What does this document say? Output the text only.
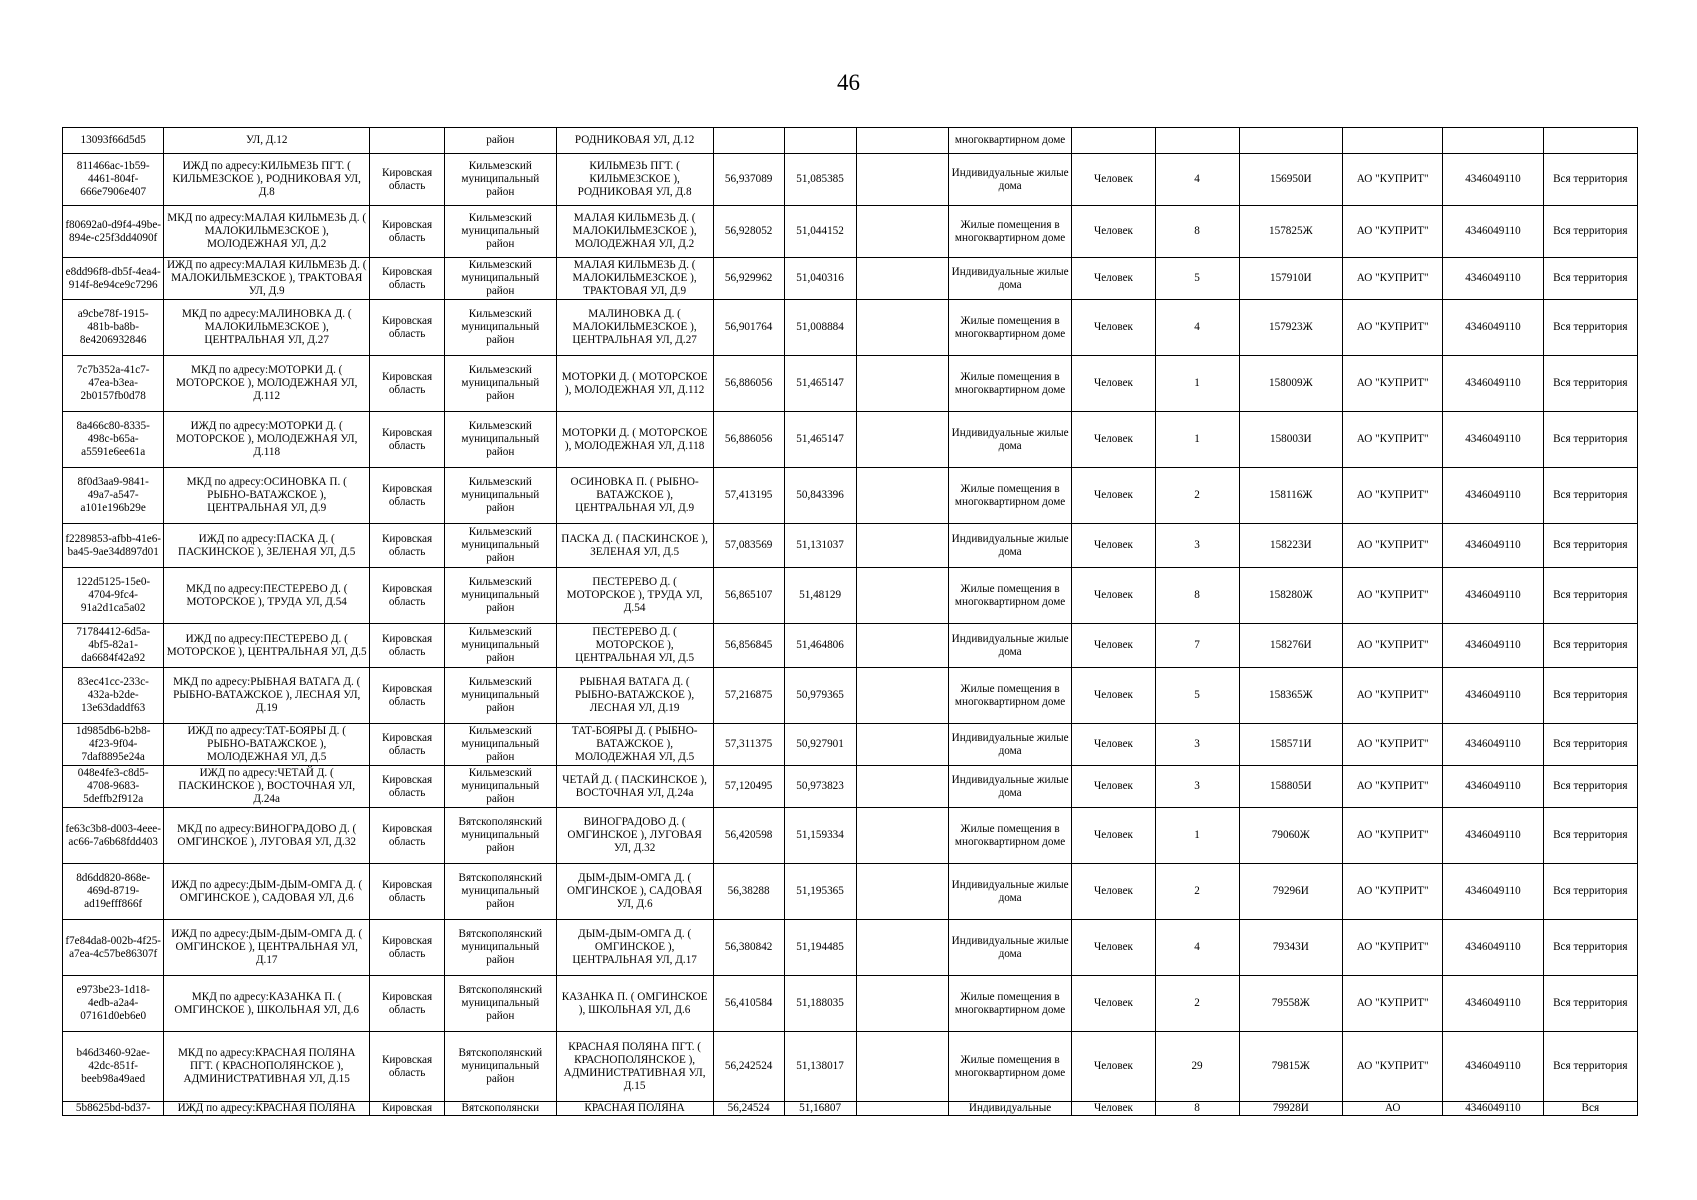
46
13093f66d5d5	УЛ, Д.12		район	РОДНИКОВАЯ УЛ, Д.12				многоквартирном доме						
811466ac-1b59-4461-804f-666e7906e407	ИЖД по адресу:КИЛЬМЕЗЬ ПГТ. ( КИЛЬМЕЗСКОЕ ), РОДНИКОВАЯ УЛ, Д.8	Кировская область	Кильмезский муниципальный район	КИЛЬМЕЗЬ ПГТ. ( КИЛЬМЕЗСКОЕ ), РОДНИКОВАЯ УЛ, Д.8	56,937089	51,085385		Индивидуальные жилые дома	Человек	4	156950И	АО "КУПРИТ"	4346049110	Вся территория
f80692a0-d9f4-49be-894e-c25f3dd4090f	МКД по адресу:МАЛАЯ КИЛЬМЕЗЬ Д. ( МАЛОКИЛЬМЕЗСКОЕ ), МОЛОДЕЖНАЯ УЛ, Д.2	Кировская область	Кильмезский муниципальный район	МАЛАЯ КИЛЬМЕЗЬ Д. ( МАЛОКИЛЬМЕЗСКОЕ ), МОЛОДЕЖНАЯ УЛ, Д.2	56,928052	51,044152		Жилые помещения в многоквартирном доме	Человек	8	157825Ж	АО "КУПРИТ"	4346049110	Вся территория
e8dd96f8-db5f-4ea4-914f-8e94ce9c7296	ИЖД по адресу:МАЛАЯ КИЛЬМЕЗЬ Д. ( МАЛОКИЛЬМЕЗСКОЕ ), ТРАКТОВАЯ УЛ, Д.9	Кировская область	Кильмезский муниципальный район	МАЛАЯ КИЛЬМЕЗЬ Д. ( МАЛОКИЛЬМЕЗСКОЕ ), ТРАКТОВАЯ УЛ, Д.9	56,929962	51,040316		Индивидуальные жилые дома	Человек	5	157910И	АО "КУПРИТ"	4346049110	Вся территория
a9cbe78f-1915-481b-ba8b-8e4206932846	МКД по адресу:МАЛИНОВКА Д. ( МАЛОКИЛЬМЕЗСКОЕ ), ЦЕНТРАЛЬНАЯ УЛ, Д.27	Кировская область	Кильмезский муниципальный район	МАЛИНОВКА Д. ( МАЛОКИЛЬМЕЗСКОЕ ), ЦЕНТРАЛЬНАЯ УЛ, Д.27	56,901764	51,008884		Жилые помещения в многоквартирном доме	Человек	4	157923Ж	АО "КУПРИТ"	4346049110	Вся территория
7c7b352a-41c7-47ea-b3ea-2b0157fb0d78	МКД по адресу:МОТОРКИ Д. ( МОТОРСКОЕ ), МОЛОДЕЖНАЯ УЛ, Д.112	Кировская область	Кильмезский муниципальный район	МОТОРКИ Д. ( МОТОРСКОЕ ), МОЛОДЕЖНАЯ УЛ, Д.112	56,886056	51,465147		Жилые помещения в многоквартирном доме	Человек	1	158009Ж	АО "КУПРИТ"	4346049110	Вся территория
8a466c80-8335-498c-b65a-a5591e6ee61a	ИЖД по адресу:МОТОРКИ Д. ( МОТОРСКОЕ ), МОЛОДЕЖНАЯ УЛ, Д.118	Кировская область	Кильмезский муниципальный район	МОТОРКИ Д. ( МОТОРСКОЕ ), МОЛОДЕЖНАЯ УЛ, Д.118	56,886056	51,465147		Индивидуальные жилые дома	Человек	1	158003И	АО "КУПРИТ"	4346049110	Вся территория
8f0d3aa9-9841-49a7-a547-a101e196b29e	МКД по адресу:ОСИНОВКА П. ( РЫБНО-ВАТАЖСКОЕ ), ЦЕНТРАЛЬНАЯ УЛ, Д.9	Кировская область	Кильмезский муниципальный район	ОСИНОВКА П. ( РЫБНО-ВАТАЖСКОЕ ), ЦЕНТРАЛЬНАЯ УЛ, Д.9	57,413195	50,843396		Жилые помещения в многоквартирном доме	Человек	2	158116Ж	АО "КУПРИТ"	4346049110	Вся территория
f2289853-afbb-41e6-ba45-9ae34d897d01	ИЖД по адресу:ПАСКА Д. ( ПАСКИНСКОЕ ), ЗЕЛЕНАЯ УЛ, Д.5	Кировская область	Кильмезский муниципальный район	ПАСКА Д. ( ПАСКИНСКОЕ ), ЗЕЛЕНАЯ УЛ, Д.5	57,083569	51,131037		Индивидуальные жилые дома	Человек	3	158223И	АО "КУПРИТ"	4346049110	Вся территория
122d5125-15e0-4704-9fc4-91a2d1ca5a02	МКД по адресу:ПЕСТЕРЕВО Д. ( МОТОРСКОЕ ), ТРУДА УЛ, Д.54	Кировская область	Кильмезский муниципальный район	ПЕСТЕРЕВО Д. ( МОТОРСКОЕ ), ТРУДА УЛ, Д.54	56,865107	51,48129		Жилые помещения в многоквартирном доме	Человек	8	158280Ж	АО "КУПРИТ"	4346049110	Вся территория
71784412-6d5a-4bf5-82a1-da6684f42a92	ИЖД по адресу:ПЕСТЕРЕВО Д. ( МОТОРСКОЕ ), ЦЕНТРАЛЬНАЯ УЛ, Д.5	Кировская область	Кильмезский муниципальный район	ПЕСТЕРЕВО Д. ( МОТОРСКОЕ ), ЦЕНТРАЛЬНАЯ УЛ, Д.5	56,856845	51,464806		Индивидуальные жилые дома	Человек	7	158276И	АО "КУПРИТ"	4346049110	Вся территория
83ec41cc-233c-432a-b2de-13e63daddf63	МКД по адресу:РЫБНАЯ ВАТАГА Д. ( РЫБНО-ВАТАЖСКОЕ ), ЛЕСНАЯ УЛ, Д.19	Кировская область	Кильмезский муниципальный район	РЫБНАЯ ВАТАГА Д. ( РЫБНО-ВАТАЖСКОЕ ), ЛЕСНАЯ УЛ, Д.19	57,216875	50,979365		Жилые помещения в многоквартирном доме	Человек	5	158365Ж	АО "КУПРИТ"	4346049110	Вся территория
1d985db6-b2b8-4f23-9f04-7daf8895e24a	ИЖД по адресу:ТАТ-БОЯРЫ Д. ( РЫБНО-ВАТАЖСКОЕ ), МОЛОДЕЖНАЯ УЛ, Д.5	Кировская область	Кильмезский муниципальный район	ТАТ-БОЯРЫ Д. ( РЫБНО-ВАТАЖСКОЕ ), МОЛОДЕЖНАЯ УЛ, Д.5	57,311375	50,927901		Индивидуальные жилые дома	Человек	3	158571И	АО "КУПРИТ"	4346049110	Вся территория
048e4fe3-c8d5-4708-9683-5deffb2f912a	ИЖД по адресу:ЧЕТАЙ Д. ( ПАСКИНСКОЕ ), ВОСТОЧНАЯ УЛ, Д.24а	Кировская область	Кильмезский муниципальный район	ЧЕТАЙ Д. ( ПАСКИНСКОЕ ), ВОСТОЧНАЯ УЛ, Д.24а	57,120495	50,973823		Индивидуальные жилые дома	Человек	3	158805И	АО "КУПРИТ"	4346049110	Вся территория
fe63c3b8-d003-4eee-ac66-7a6b68fdd403	МКД по адресу:ВИНОГРАДОВО Д. ( ОМГИНСКОЕ ), ЛУГОВАЯ УЛ, Д.32	Кировская область	Вятскополянский муниципальный район	ВИНОГРАДОВО Д. ( ОМГИНСКОЕ ), ЛУГОВАЯ УЛ, Д.32	56,420598	51,159334		Жилые помещения в многоквартирном доме	Человек	1	79060Ж	АО "КУПРИТ"	4346049110	Вся территория
8d6dd820-868e-469d-8719-ad19efff866f	ИЖД по адресу:ДЫМ-ДЫМ-ОМГА Д. ( ОМГИНСКОЕ ), САДОВАЯ УЛ, Д.6	Кировская область	Вятскополянский муниципальный район	ДЫМ-ДЫМ-ОМГА Д. ( ОМГИНСКОЕ ), САДОВАЯ УЛ, Д.6	56,38288	51,195365		Индивидуальные жилые дома	Человек	2	79296И	АО "КУПРИТ"	4346049110	Вся территория
f7e84da8-002b-4f25-a7ea-4c57be86307f	ИЖД по адресу:ДЫМ-ДЫМ-ОМГА Д. ( ОМГИНСКОЕ ), ЦЕНТРАЛЬНАЯ УЛ, Д.17	Кировская область	Вятскополянский муниципальный район	ДЫМ-ДЫМ-ОМГА Д. ( ОМГИНСКОЕ ), ЦЕНТРАЛЬНАЯ УЛ, Д.17	56,380842	51,194485		Индивидуальные жилые дома	Человек	4	79343И	АО "КУПРИТ"	4346049110	Вся территория
e973be23-1d18-4edb-a2a4-07161d0eb6e0	МКД по адресу:КАЗАНКА П. ( ОМГИНСКОЕ ), ШКОЛЬНАЯ УЛ, Д.6	Кировская область	Вятскополянский муниципальный район	КАЗАНКА П. ( ОМГИНСКОЕ ), ШКОЛЬНАЯ УЛ, Д.6	56,410584	51,188035		Жилые помещения в многоквартирном доме	Человек	2	79558Ж	АО "КУПРИТ"	4346049110	Вся территория
b46d3460-92ae-42dc-851f-beeb98a49aed	МКД по адресу:КРАСНАЯ ПОЛЯНА ПГТ. ( КРАСНОПОЛЯНСКОЕ ), АДМИНИСТРАТИВНАЯ УЛ, Д.15	Кировская область	Вятскополянский муниципальный район	КРАСНАЯ ПОЛЯНА ПГТ. ( КРАСНОПОЛЯНСКОЕ ), АДМИНИСТРАТИВНАЯ УЛ, Д.15	56,242524	51,138017		Жилые помещения в многоквартирном доме	Человек	29	79815Ж	АО "КУПРИТ"	4346049110	Вся территория
5b8625bd-bd37-	ИЖД по адресу:КРАСНАЯ ПОЛЯНА	Кировская	Вятскополянски	КРАСНАЯ ПОЛЯНА	56,24524	51,16807		Индивидуальные	Человек	8	79928И	АО	4346049110	Вся
